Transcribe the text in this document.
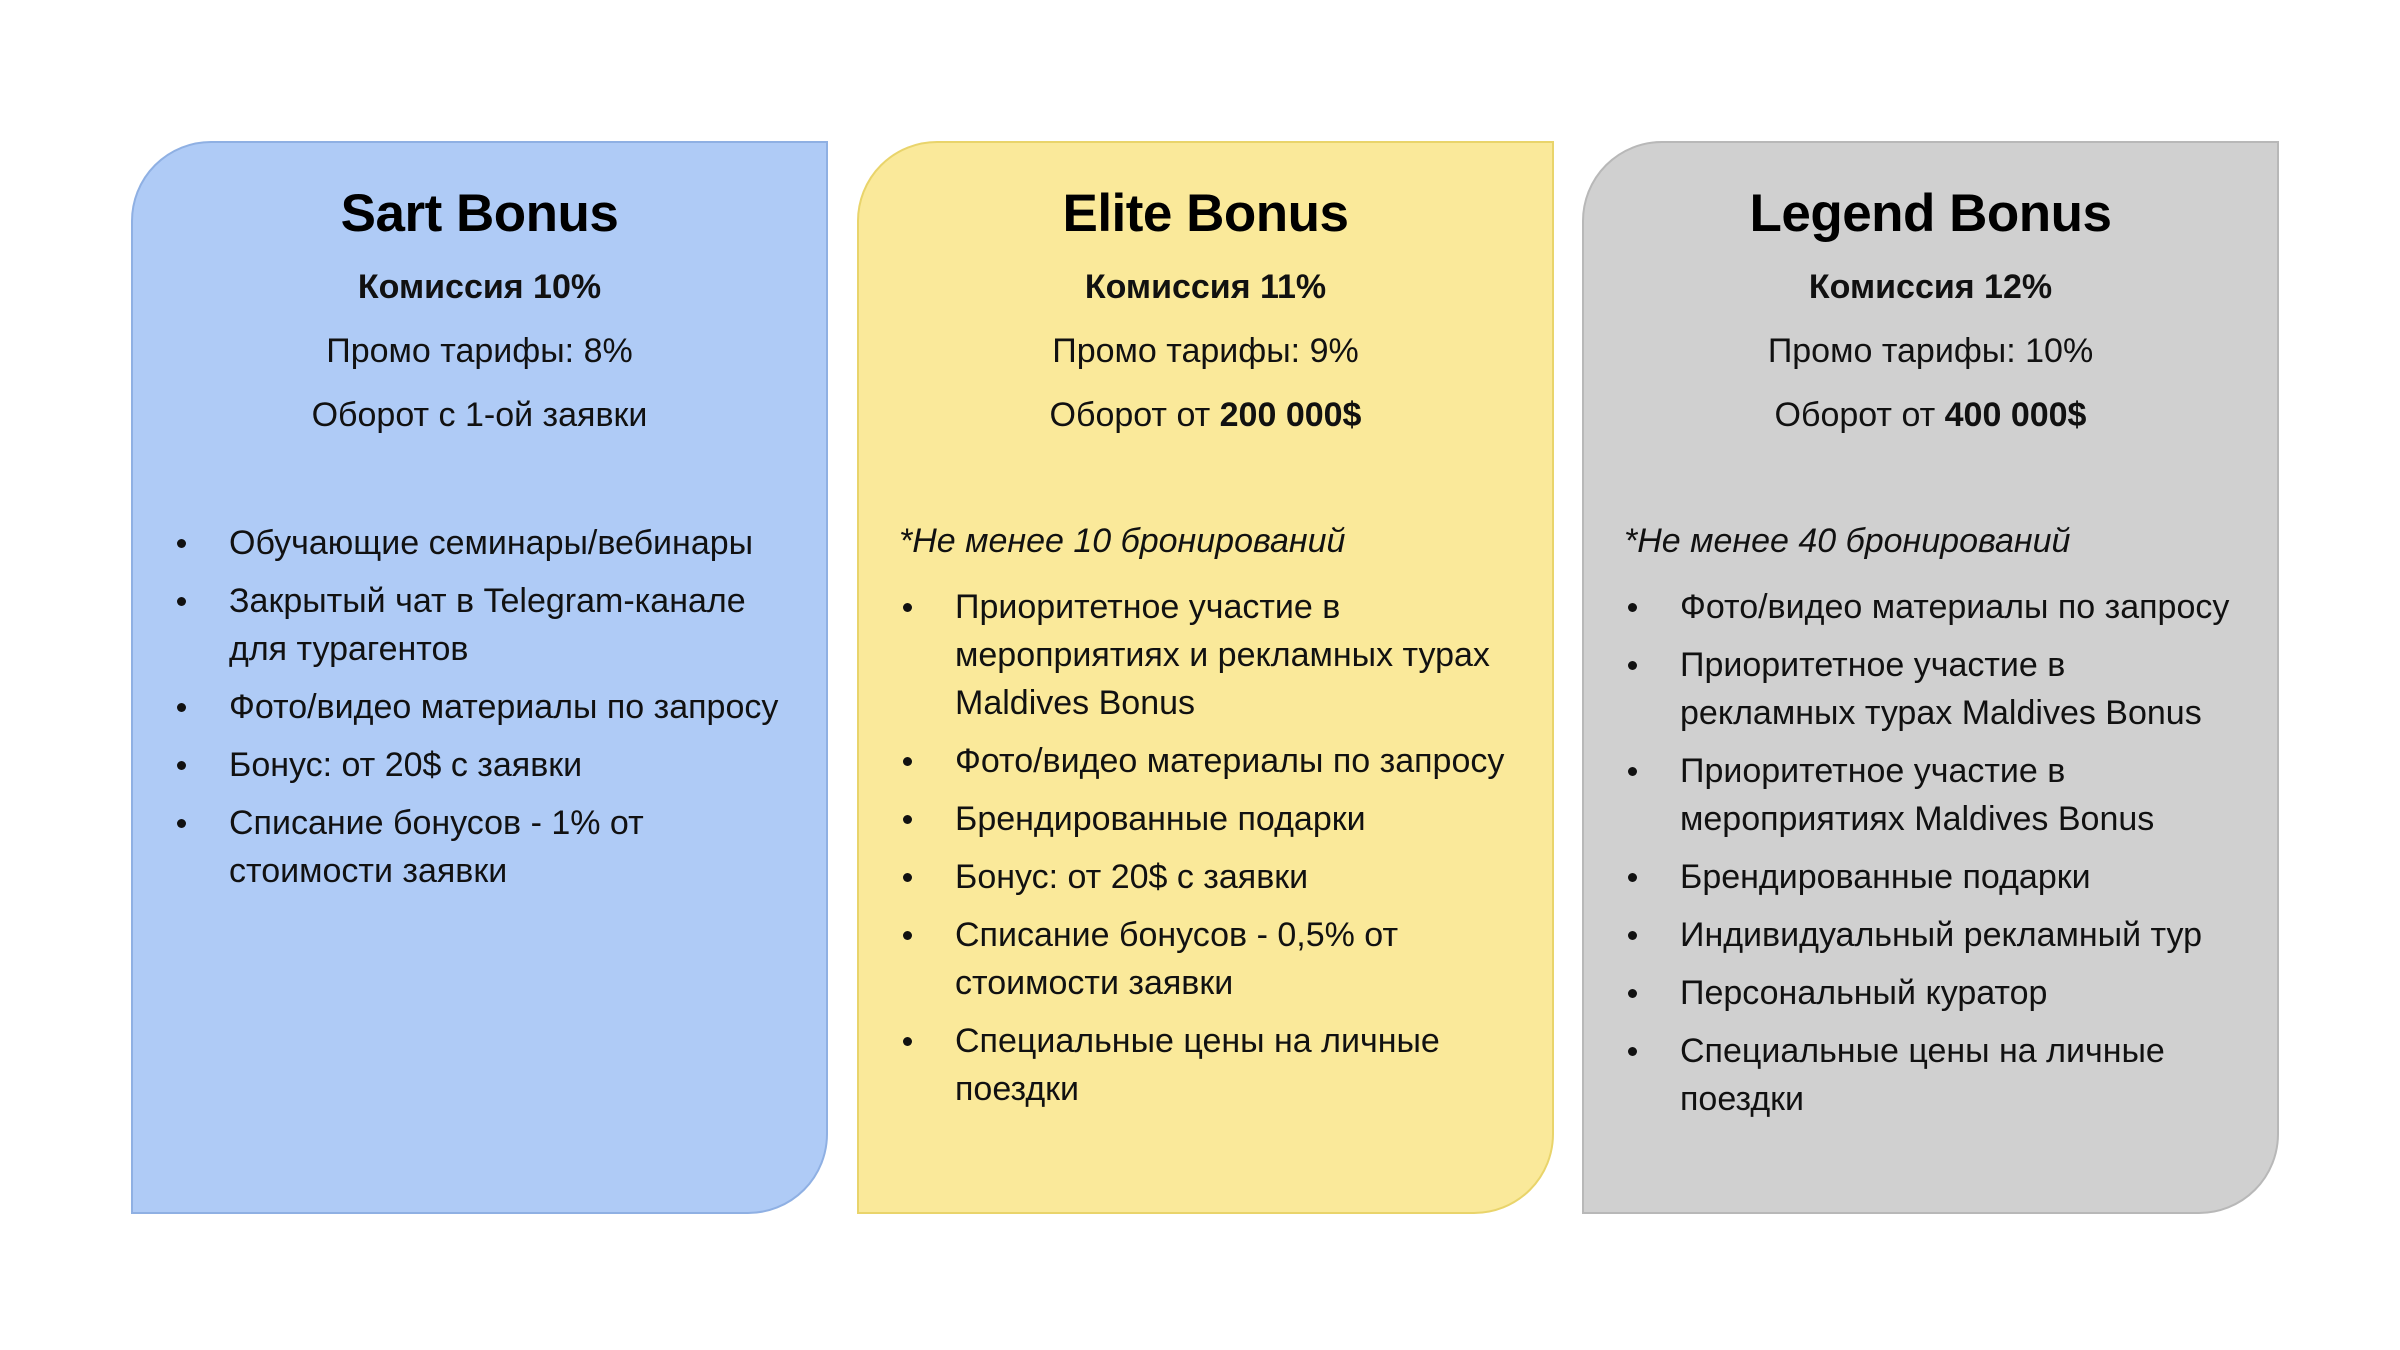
Sart Bonus

Комиссия 10%

Промо тарифы: 8%

Оборот с 1-ой заявки

Обучающие семинары/вебинары
Закрытый чат в Telegram-канале для турагентов
Фото/видео материалы по запросу
Бонус: от 20$ с заявки
Списание бонусов - 1% от стоимости заявки
Elite Bonus

Комиссия 11%

Промо тарифы: 9%

Оборот от 200 000$

*Не менее 10 бронирований

Приоритетное участие в мероприятиях и рекламных турах Maldives Bonus
Фото/видео материалы по запросу
Брендированные подарки
Бонус: от 20$ с заявки
Списание бонусов - 0,5% от стоимости заявки
Специальные цены на личные поездки
Legend Bonus

Комиссия 12%

Промо тарифы: 10%

Оборот от 400 000$

*Не менее 40 бронирований

Фото/видео материалы по запросу
Приоритетное участие в рекламных турах Maldives Bonus
Приоритетное участие в мероприятиях Maldives Bonus
Брендированные подарки
Индивидуальный рекламный тур
Персональный куратор
Специальные цены на личные поездки
